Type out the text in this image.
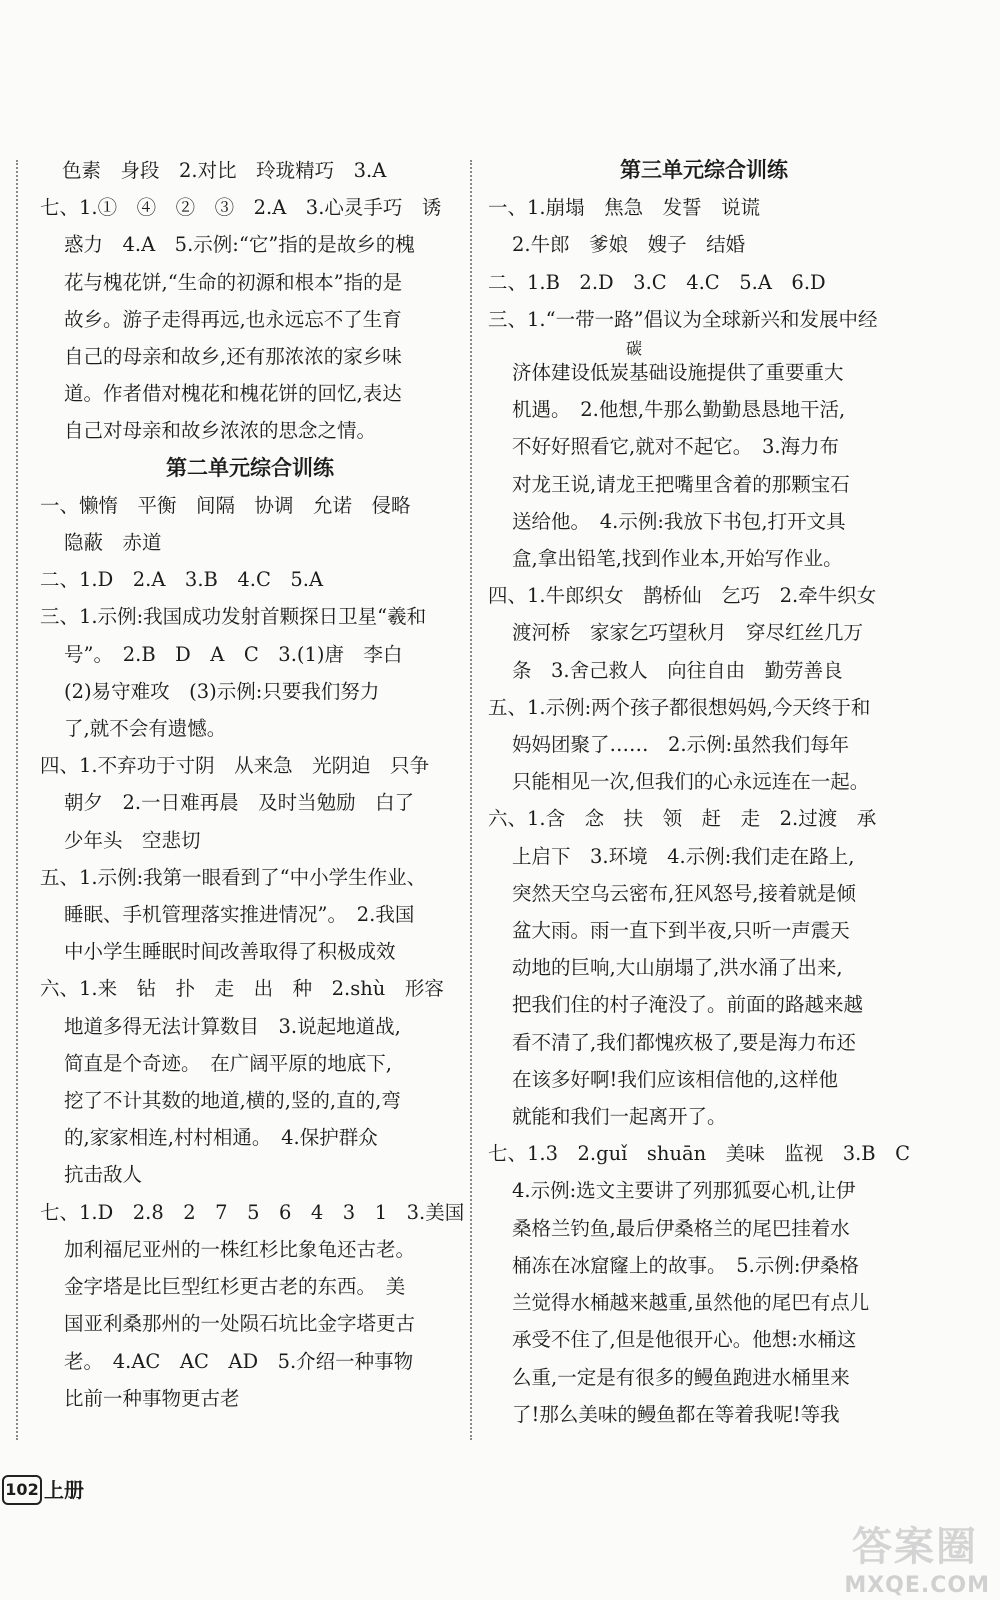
色素　身段　2.对比　玲珑精巧　3.A
七、1.①　④　②　③　2.A　3.心灵手巧　诱
惑力　4.A　5.示例:“它”指的是故乡的槐
花与槐花饼,“生命的初源和根本”指的是
故乡。游子走得再远,也永远忘不了生育
自己的母亲和故乡,还有那浓浓的家乡味
道。作者借对槐花和槐花饼的回忆,表达
自己对母亲和故乡浓浓的思念之情。
第二单元综合训练
一、懒惰　平衡　间隔　协调　允诺　侵略
隐蔽　赤道
二、1.D　2.A　3.B　4.C　5.A
三、1.示例:我国成功发射首颗探日卫星“羲和
号”。　2.B　D　A　C　3.(1)唐　李白
(2)易守难攻　(3)示例:只要我们努力
了,就不会有遗憾。
四、1.不弃功于寸阴　从来急　光阴迫　只争
朝夕　2.一日难再晨　及时当勉励　白了
少年头　空悲切
五、1.示例:我第一眼看到了“中小学生作业、
睡眠、手机管理落实推进情况”。　2.我国
中小学生睡眠时间改善取得了积极成效
六、1.来　钻　扑　走　出　种　2.shù　形容
地道多得无法计算数目　3.说起地道战,
简直是个奇迹。　在广阔平原的地底下,
挖了不计其数的地道,横的,竖的,直的,弯
的,家家相连,村村相通。　4.保护群众
抗击敌人
七、1.D　2.8　2　7　5　6　4　3　1　3.美国
加利福尼亚州的一株红杉比象龟还古老。
金字塔是比巨型红杉更古老的东西。　美
国亚利桑那州的一处陨石坑比金字塔更古
老。　4.AC　AC　AD　5.介绍一种事物
比前一种事物更古老
第三单元综合训练
一、1.崩塌　焦急　发誓　说谎
2.牛郎　爹娘　嫂子　结婚
二、1.B　2.D　3.C　4.C　5.A　6.D
三、1.“一带一路”倡议为全球新兴和发展中经
碳
济体建设低炭基础设施提供了重要重大
机遇。　2.他想,牛那么勤勤恳恳地干活,
不好好照看它,就对不起它。　3.海力布
对龙王说,请龙王把嘴里含着的那颗宝石
送给他。　4.示例:我放下书包,打开文具
盒,拿出铅笔,找到作业本,开始写作业。
四、1.牛郎织女　鹊桥仙　乞巧　2.牵牛织女
渡河桥　家家乞巧望秋月　穿尽红丝几万
条　3.舍己救人　向往自由　勤劳善良
五、1.示例:两个孩子都很想妈妈,今天终于和
妈妈团聚了……　2.示例:虽然我们每年
只能相见一次,但我们的心永远连在一起。
六、1.含　念　扶　领　赶　走　2.过渡　承
上启下　3.环境　4.示例:我们走在路上,
突然天空乌云密布,狂风怒号,接着就是倾
盆大雨。雨一直下到半夜,只听一声震天
动地的巨响,大山崩塌了,洪水涌了出来,
把我们住的村子淹没了。前面的路越来越
看不清了,我们都愧疚极了,要是海力布还
在该多好啊!我们应该相信他的,这样他
就能和我们一起离开了。
七、1.3　2.guǐ　shuān　美味　监视　3.B　C
4.示例:选文主要讲了列那狐耍心机,让伊
桑格兰钓鱼,最后伊桑格兰的尾巴挂着水
桶冻在冰窟窿上的故事。　5.示例:伊桑格
兰觉得水桶越来越重,虽然他的尾巴有点儿
承受不住了,但是他很开心。他想:水桶这
么重,一定是有很多的鳗鱼跑进水桶里来
了!那么美味的鳗鱼都在等着我呢!等我
102 上册
答案圈
MXQE.COM
